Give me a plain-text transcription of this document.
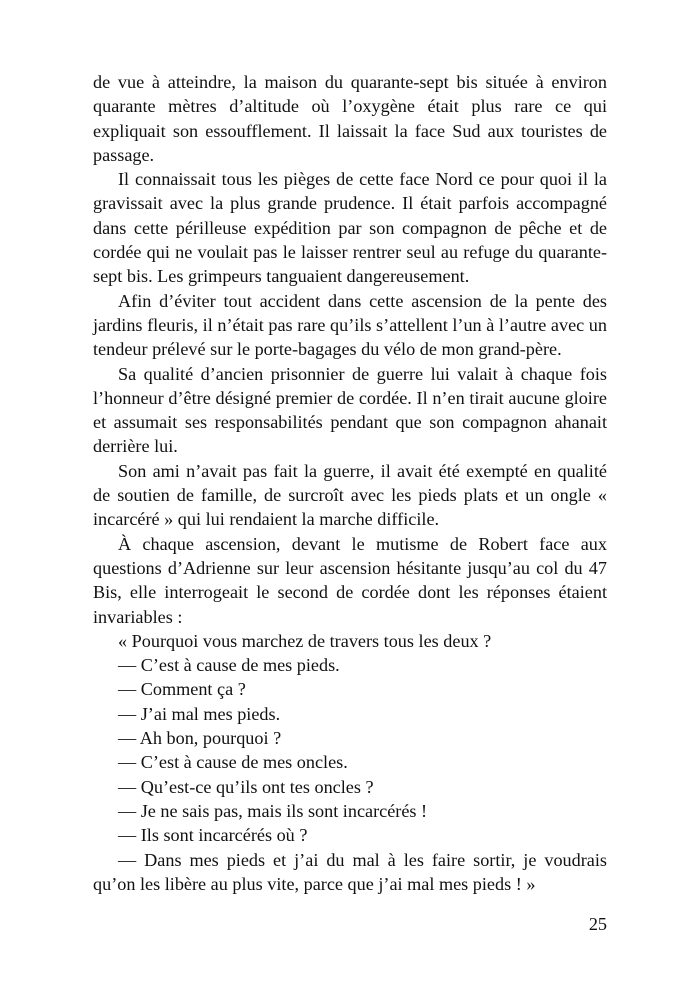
de vue à atteindre, la maison du quarante-sept bis située à environ quarante mètres d’altitude où l’oxygène était plus rare ce qui expliquait son essoufflement. Il laissait la face Sud aux touristes de passage.

Il connaissait tous les pièges de cette face Nord ce pour quoi il la gravissait avec la plus grande prudence. Il était parfois accompagné dans cette périlleuse expédition par son compagnon de pêche et de cordée qui ne voulait pas le laisser rentrer seul au refuge du quarante-sept bis. Les grimpeurs tanguaient dangereusement.

Afin d’éviter tout accident dans cette ascension de la pente des jardins fleuris, il n’était pas rare qu’ils s’attellent l’un à l’autre avec un tendeur prélevé sur le porte-bagages du vélo de mon grand-père.

Sa qualité d’ancien prisonnier de guerre lui valait à chaque fois l’honneur d’être désigné premier de cordée. Il n’en tirait aucune gloire et assumait ses responsabilités pendant que son compagnon ahanait derrière lui.

Son ami n’avait pas fait la guerre, il avait été exempté en qualité de soutien de famille, de surcroît avec les pieds plats et un ongle « incarcéré » qui lui rendaient la marche difficile.

À chaque ascension, devant le mutisme de Robert face aux questions d’Adrienne sur leur ascension hésitante jusqu’au col du 47 Bis, elle interrogeait le second de cordée dont les réponses étaient invariables :

« Pourquoi vous marchez de travers tous les deux ?

— C’est à cause de mes pieds.

— Comment ça ?

— J’ai mal mes pieds.

— Ah bon, pourquoi ?

— C’est à cause de mes oncles.

— Qu’est-ce qu’ils ont tes oncles ?

— Je ne sais pas, mais ils sont incarcérés !

— Ils sont incarcérés où ?

— Dans mes pieds et j’ai du mal à les faire sortir, je voudrais qu’on les libère au plus vite, parce que j’ai mal mes pieds ! »

25
